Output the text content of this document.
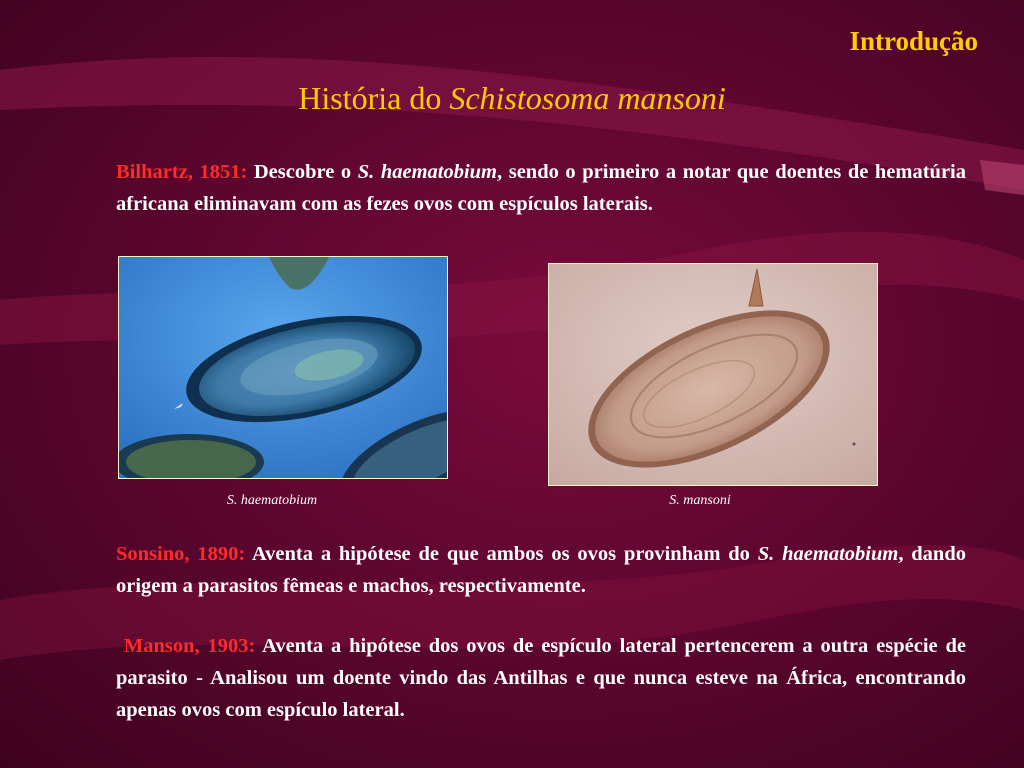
Introdução
História do Schistosoma mansoni
Bilhartz, 1851: Descobre o S. haematobium, sendo o primeiro a notar que doentes de hematúria africana eliminavam com as fezes ovos com espículos laterais.
S. haematobium	S. mansoni
Sonsino, 1890: Aventa a hipótese de que ambos os ovos provinham do S. haematobium, dando origem a parasitos fêmeas e machos, respectivamente.
Manson, 1903: Aventa a hipótese dos ovos de espículo lateral pertencerem a outra espécie de parasito - Analisou um doente vindo das Antilhas e que nunca esteve na África, encontrando apenas ovos com espículo lateral.
